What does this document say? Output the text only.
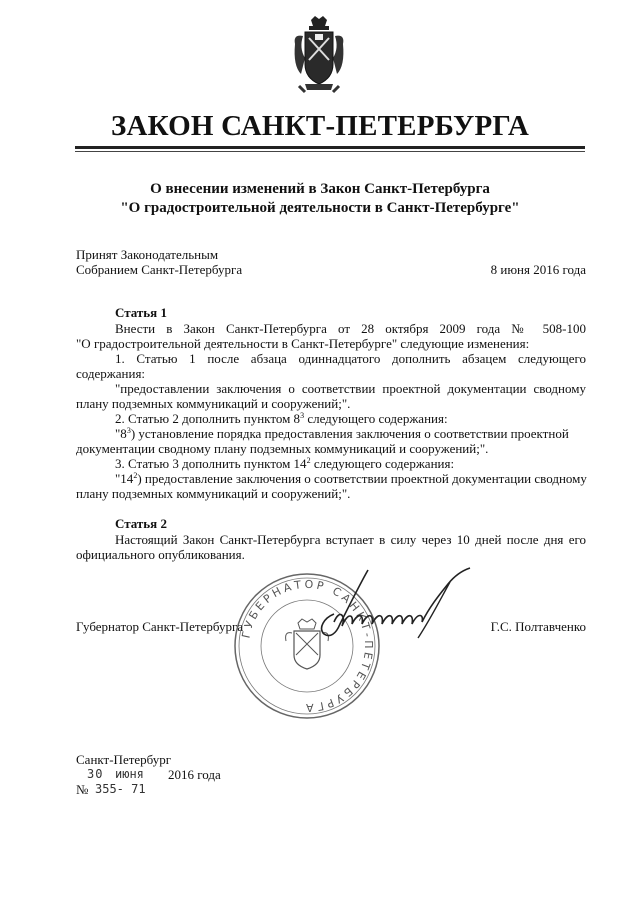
ЗАКОН САНКТ-ПЕТЕРБУРГА
О внесении изменений в Закон Санкт-Петербурга
"О градостроительной деятельности в Санкт-Петербурге"
Принят Законодательным
Собранием Санкт-Петербурга	8 июня 2016 года
Статья 1
Внести в Закон Санкт-Петербурга от 28 октября 2009 года № 508-100
"О градостроительной деятельности в Санкт-Петербурге" следующие изменения:
1. Статью 1 после абзаца одиннадцатого дополнить абзацем следующего
содержания:
"предоставлении заключения о соответствии проектной документации сводному
плану подземных коммуникаций и сооружений;".
2. Статью 2 дополнить пунктом $8^3$ следующего содержания:
"$8^3$) установление порядка предоставления заключения о соответствии проектной
документации сводному плану подземных коммуникаций и сооружений;".
3. Статью 3 дополнить пунктом $14^2$ следующего содержания:
"$14^2$) предоставление заключения о соответствии проектной документации сводному
плану подземных коммуникаций и сооружений;".
Статья 2
Настоящий Закон Санкт-Петербурга вступает в силу через 10 дней после дня его
официального опубликования.
ГУБЕРНАТОР САНКТ-ПЕТЕРБУРГА
Губернатор Санкт-Петербурга	Г.С. Полтавченко
Санкт-Петербург
30 июня 2016 года
№ 355- 71
